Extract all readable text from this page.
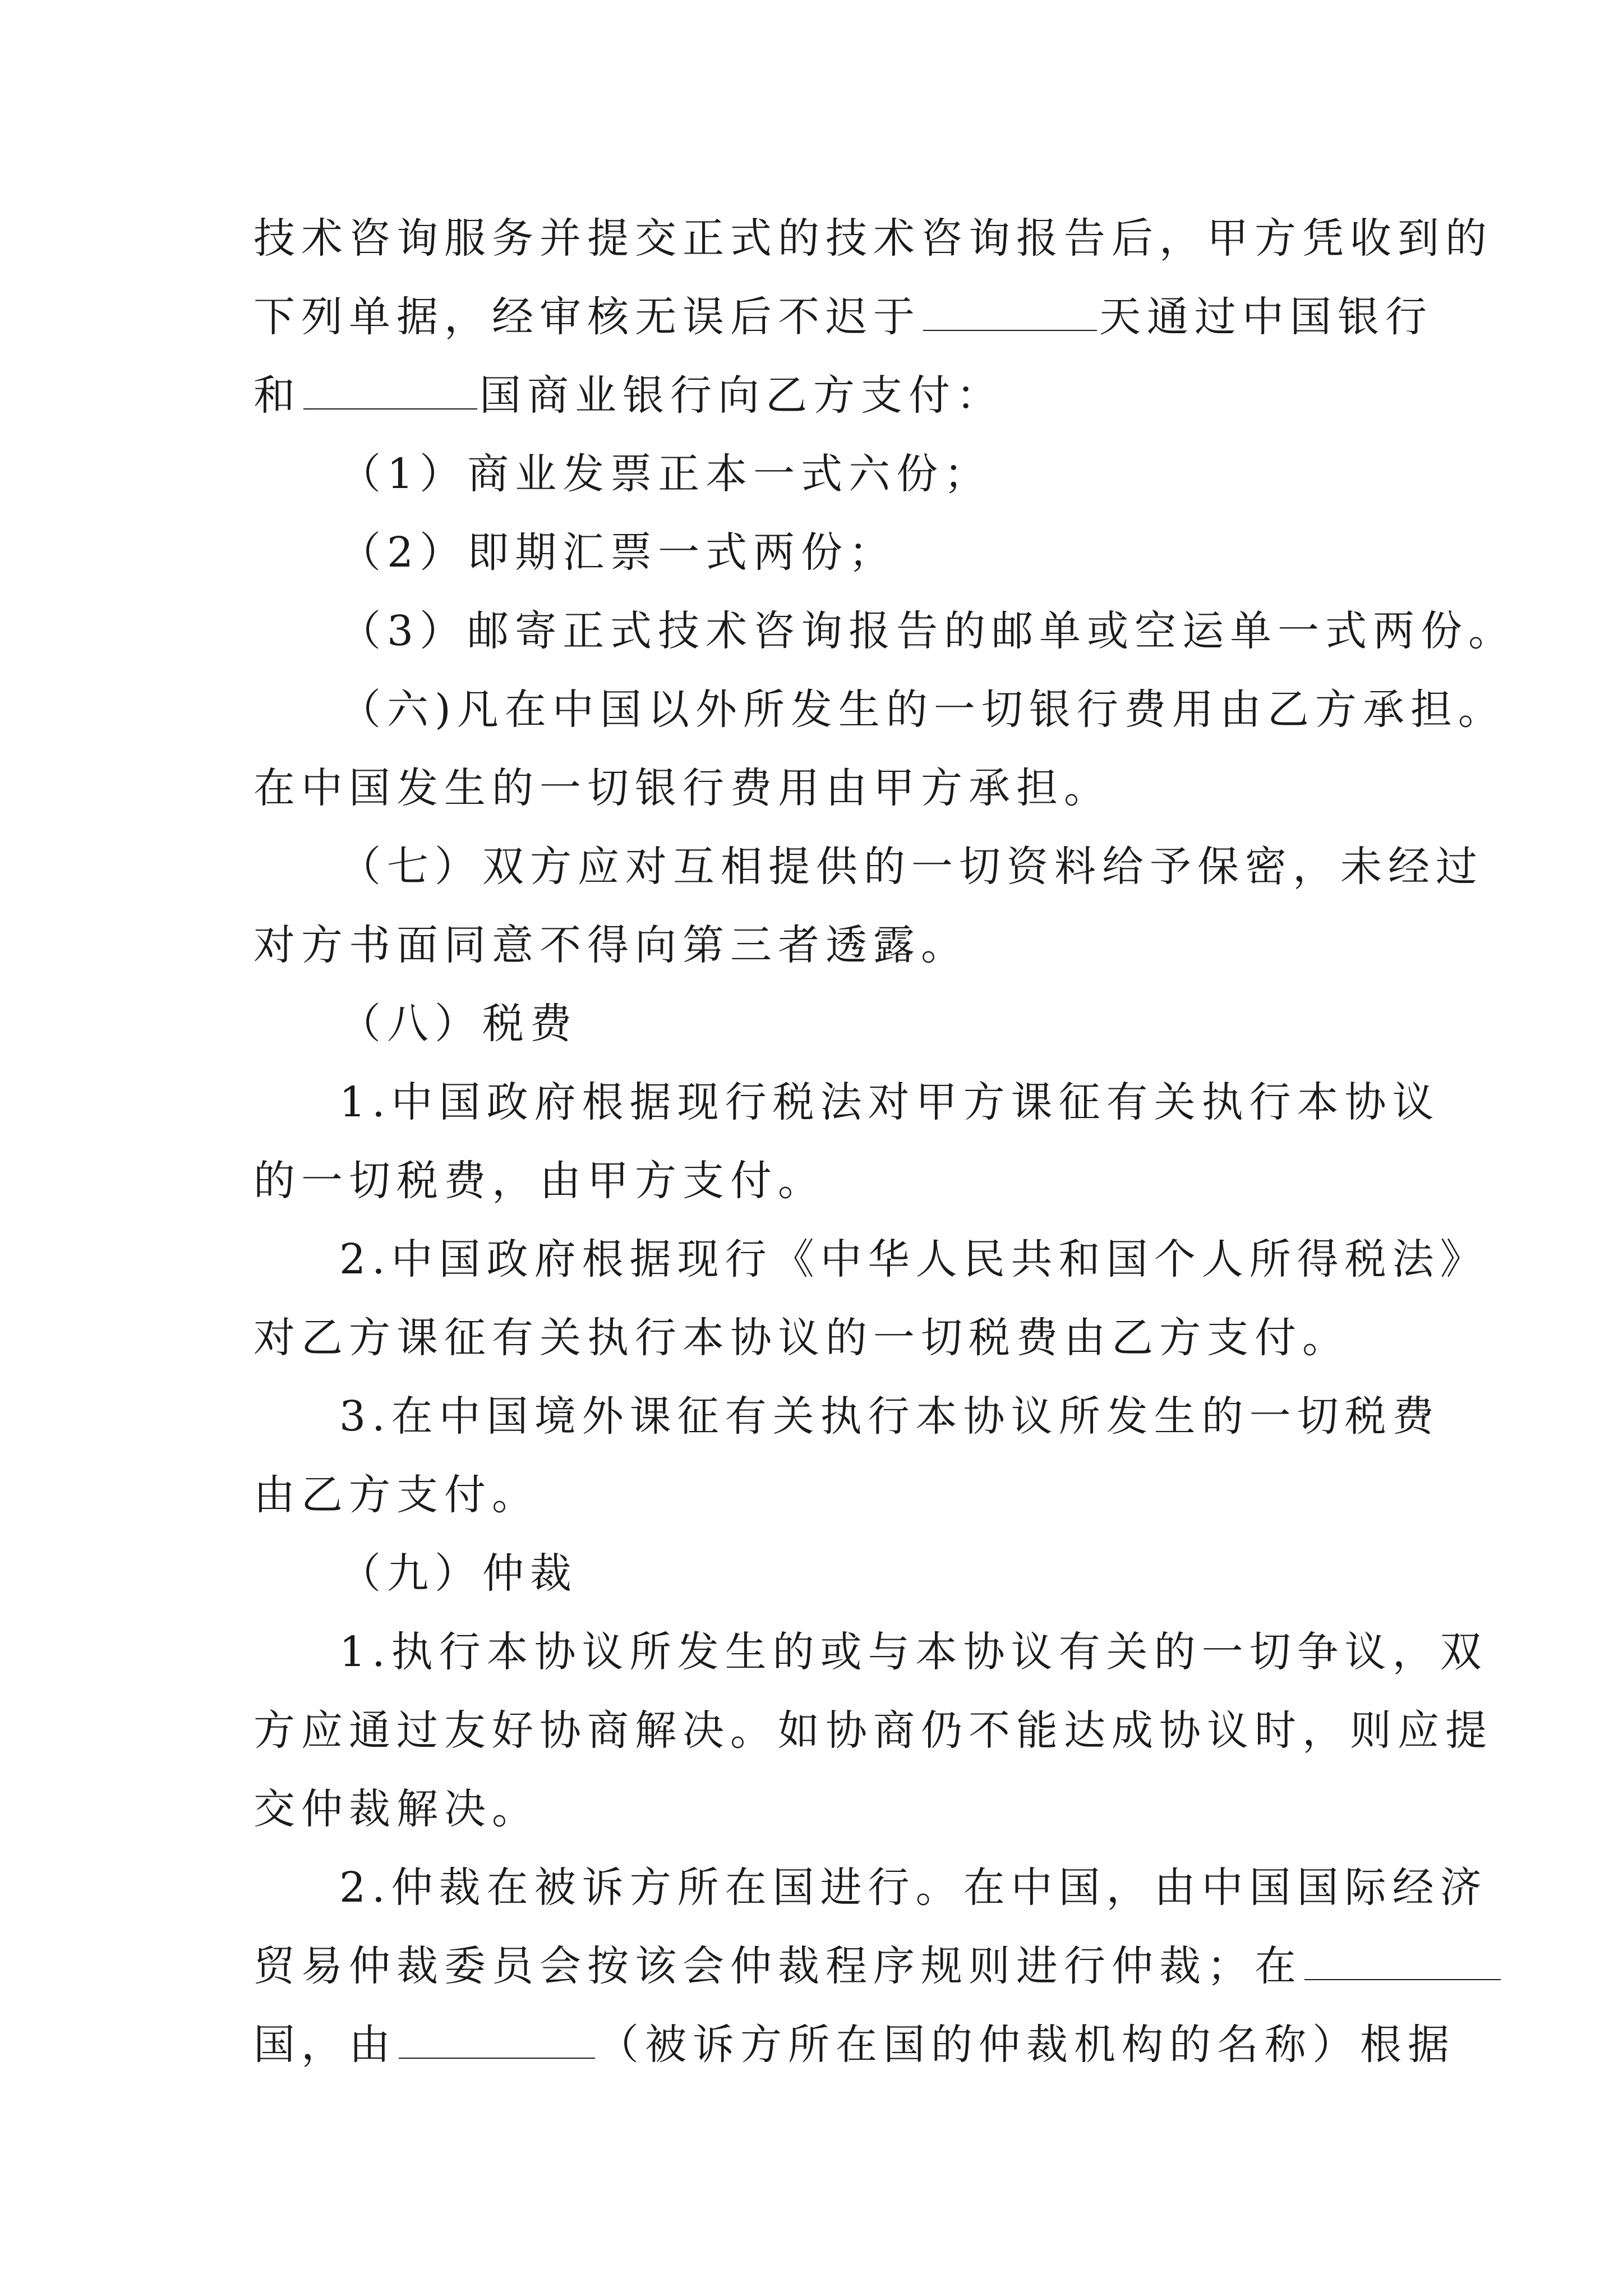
技术咨询服务并提交正式的技术咨询报告后，甲方凭收到的
下列单据，经审核无误后不迟于	天通过中国银行
和	国商业银行向乙方支付：
（1）商业发票正本一式六份；
（2）即期汇票一式两份；
（3）邮寄正式技术咨询报告的邮单或空运单一式两份。
（六)凡在中国以外所发生的一切银行费用由乙方承担。
在中国发生的一切银行费用由甲方承担。
（七）双方应对互相提供的一切资料给予保密，未经过
对方书面同意不得向第三者透露。
（八）税费
1.中国政府根据现行税法对甲方课征有关执行本协议
的一切税费，由甲方支付。
2.中国政府根据现行《中华人民共和国个人所得税法》
对乙方课征有关执行本协议的一切税费由乙方支付。
3.在中国境外课征有关执行本协议所发生的一切税费
由乙方支付。
（九）仲裁
1.执行本协议所发生的或与本协议有关的一切争议，双
方应通过友好协商解决。如协商仍不能达成协议时，则应提
交仲裁解决。
2.仲裁在被诉方所在国进行。在中国，由中国国际经济
贸易仲裁委员会按该会仲裁程序规则进行仲裁；在
国，由	（被诉方所在国的仲裁机构的名称）根据
